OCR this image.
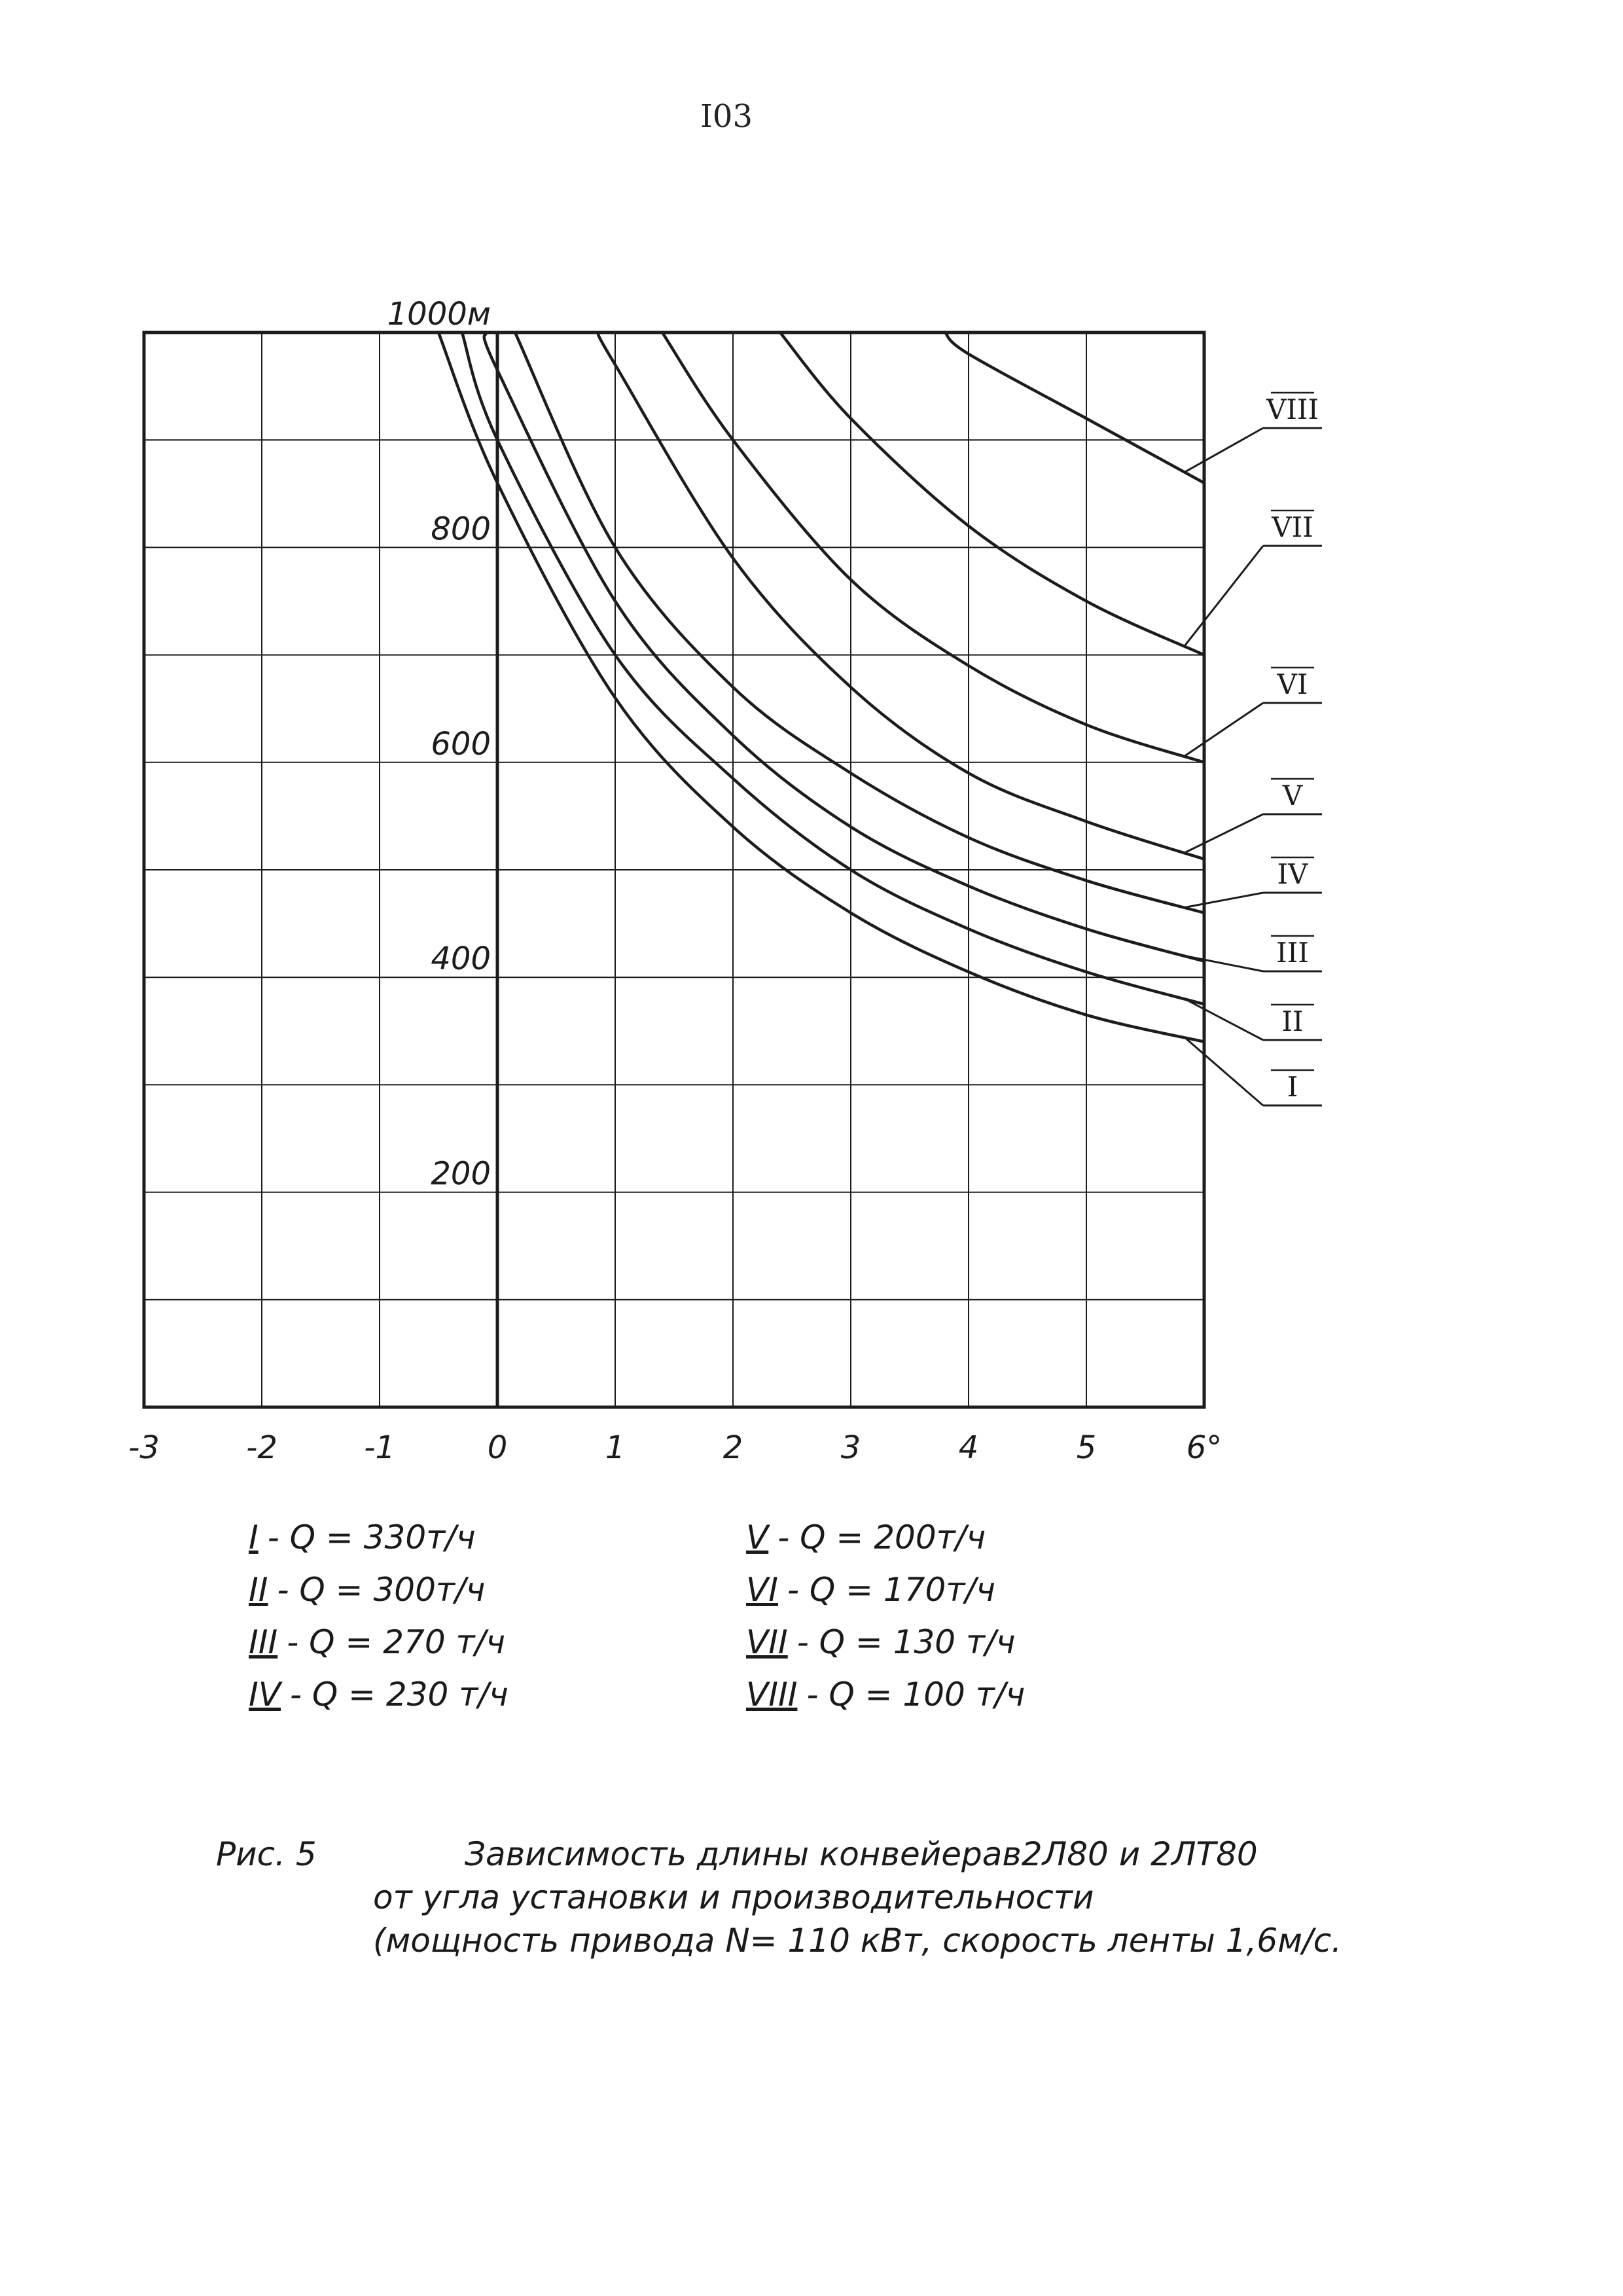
I03
-3	-2	-1	0	1	2	3	4	5	6°
200
400
600
800
1000м
I
II
III
IV
V
VI
VII
VIII
I - Q = 330т/ч
II - Q = 300т/ч
III - Q = 270 т/ч
IV - Q = 230 т/ч
V - Q = 200т/ч
VI - Q = 170т/ч
VII - Q = 130 т/ч
VIII - Q = 100 т/ч
Рис. 5	Зависимость длины конвейерав2Л80 и 2ЛТ80
от угла установки и производительности
(мощность привода N= 110 кВт, скорость ленты 1,6м/с.
